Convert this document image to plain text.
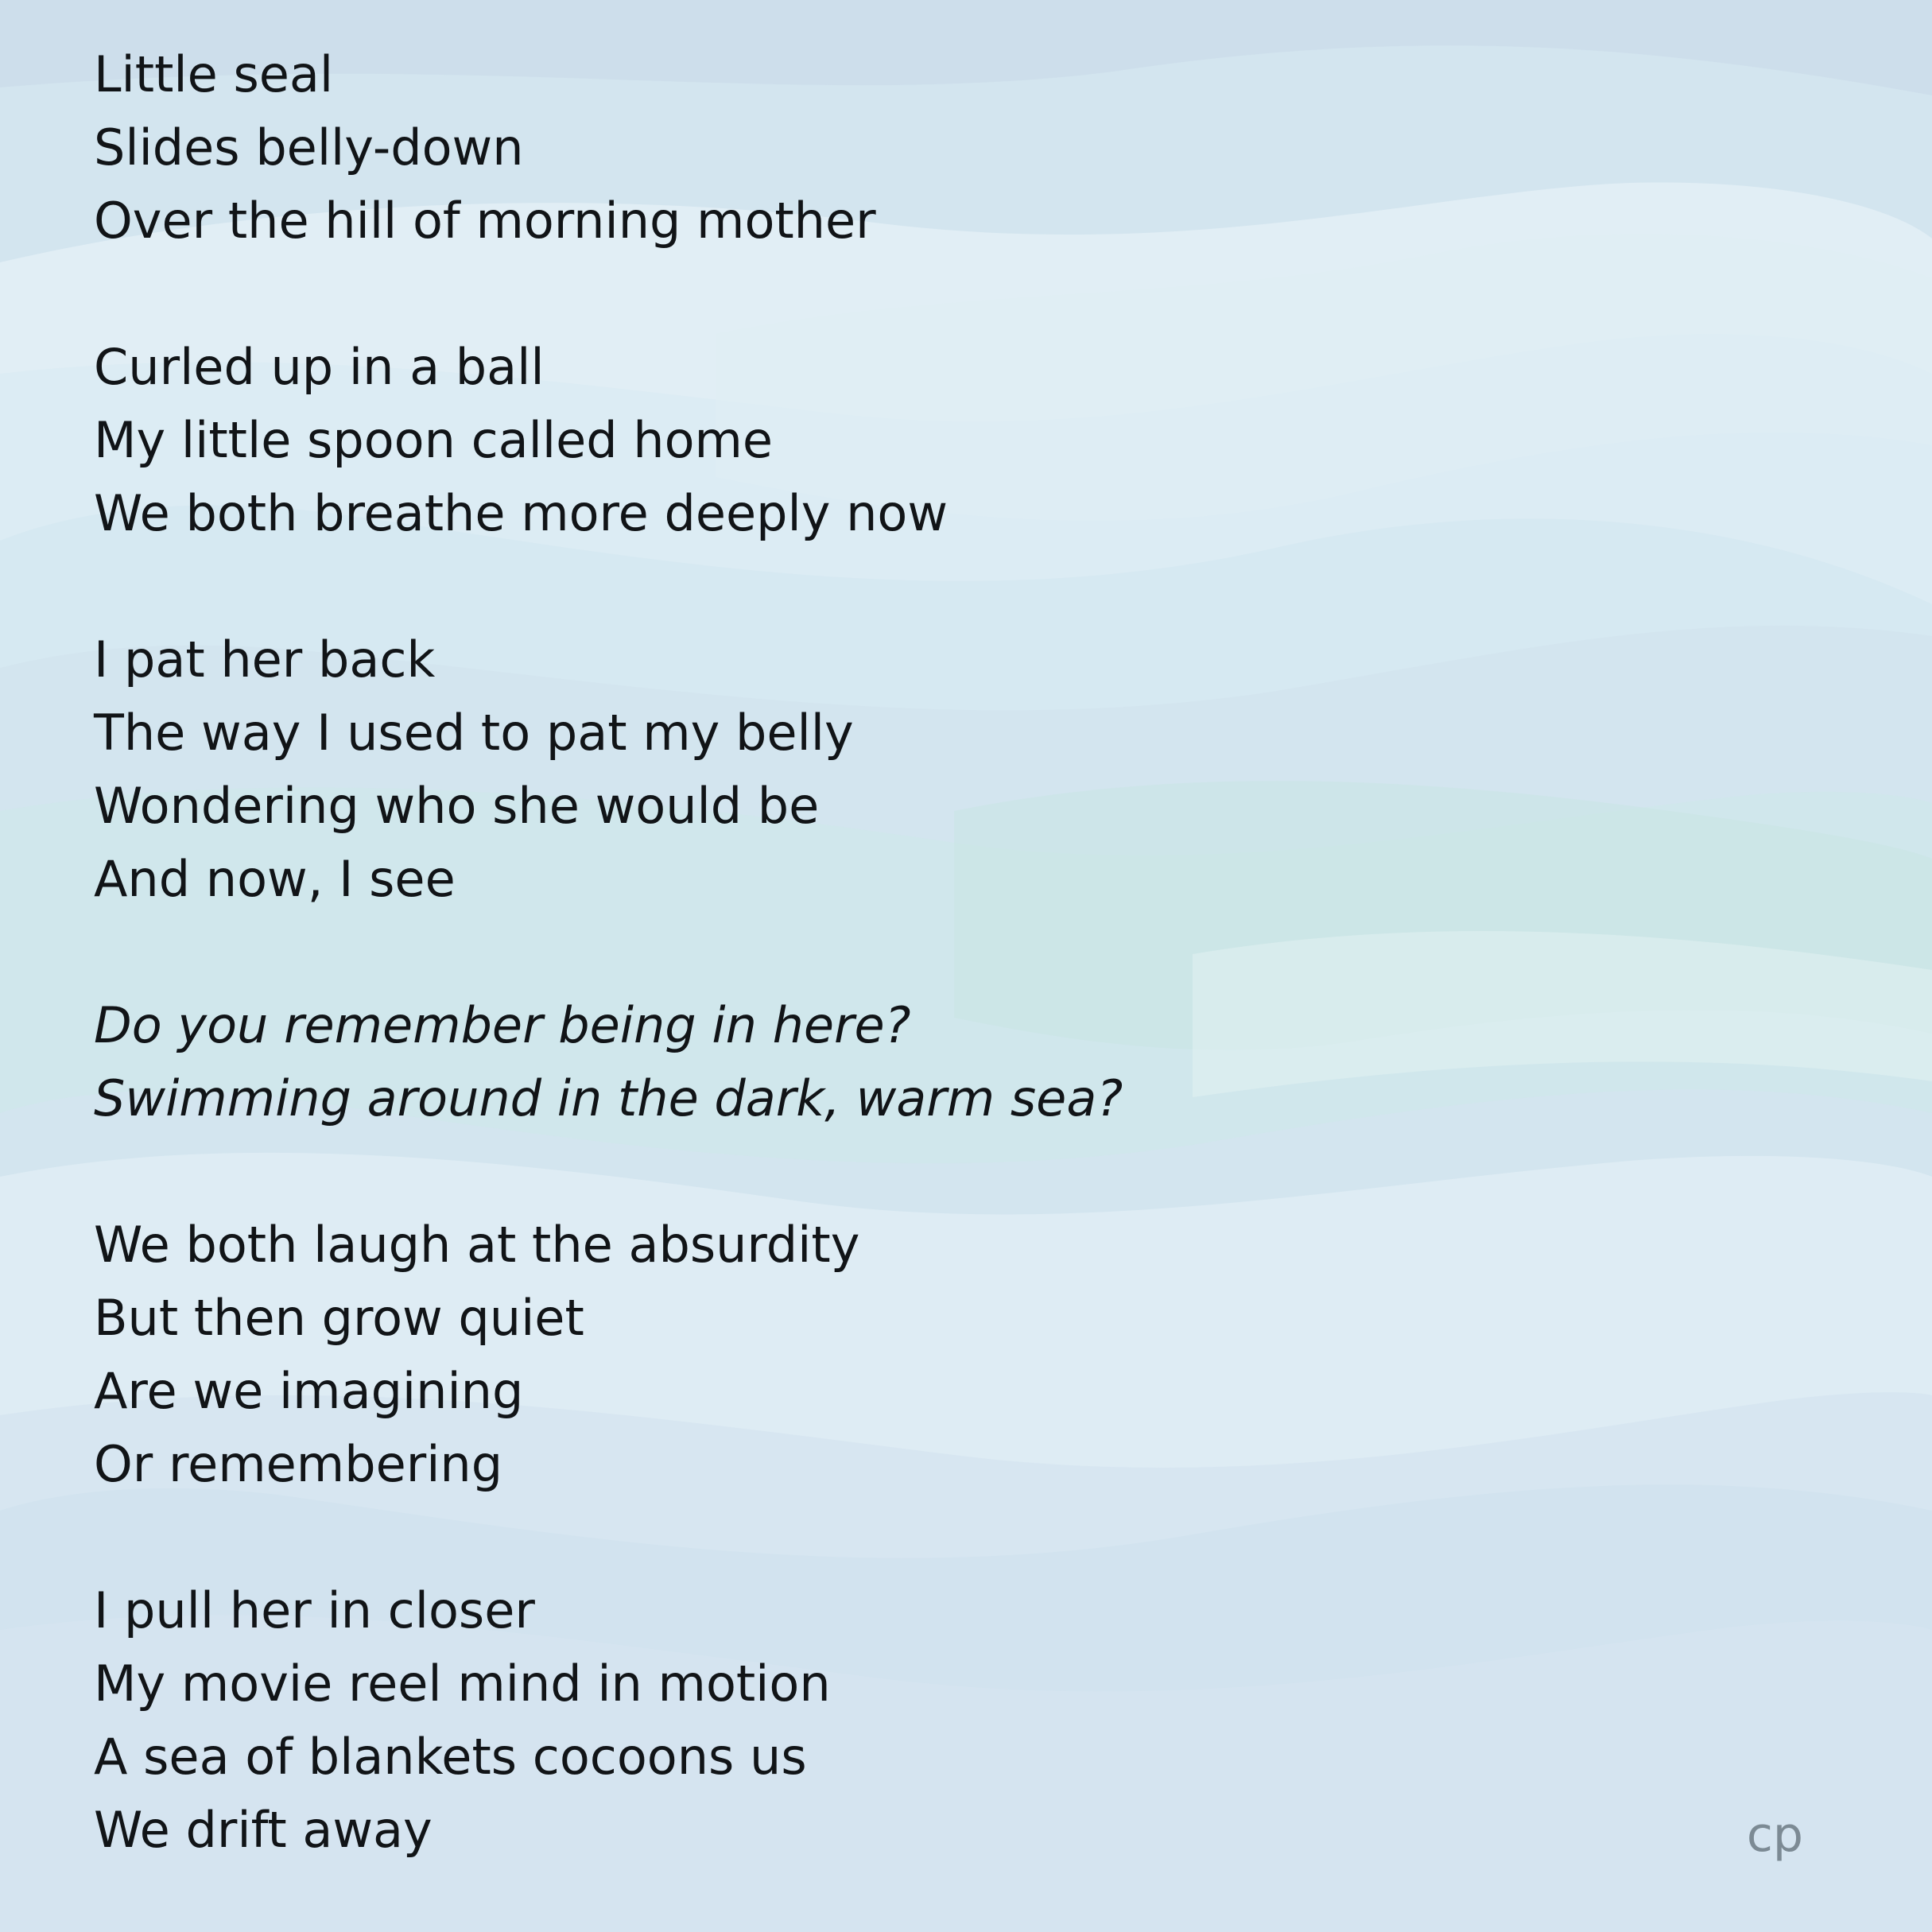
Little seal
Slides belly-down
Over the hill of morning mother
Curled up in a ball
My little spoon called home
We both breathe more deeply now
I pat her back
The way I used to pat my belly
Wondering who she would be
And now, I see
Do you remember being in here?
Swimming around in the dark, warm sea?
We both laugh at the absurdity
But then grow quiet
Are we imagining
Or remembering
I pull her in closer
My movie reel mind in motion
A sea of blankets cocoons us
We drift away	cp
